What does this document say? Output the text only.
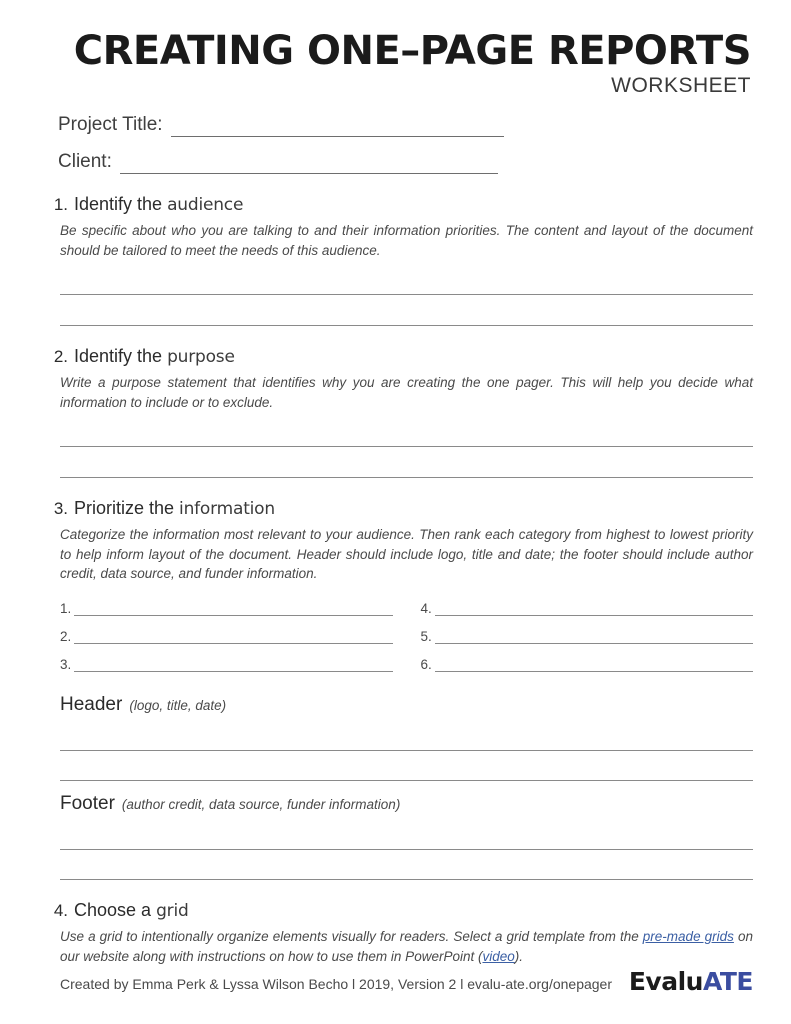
CREATING ONE–PAGE REPORTS
WORKSHEET
Project Title:
Client:
1. Identify the audience

Be specific about who you are talking to and their information priorities. The content and layout of the document should be tailored to meet the needs of this audience.

2. Identify the purpose

Write a purpose statement that identifies why you are creating the one pager. This will help you decide what information to include or to exclude.

3. Prioritize the information

Categorize the information most relevant to your audience. Then rank each category from highest to lowest priority to help inform layout of the document. Header should include logo, title and date; the footer should include author credit, data source, and funder information.

1.
2.
3.
4.
5.
6.
Header (logo, title, date)
Footer (author credit, data source, funder information)
4. Choose a grid

Use a grid to intentionally organize elements visually for readers. Select a grid template from the pre-made grids on our website along with instructions on how to use them in PowerPoint (video).

Created by Emma Perk & Lyssa Wilson Becho l 2019, Version 2 l evalu-ate.org/onepager EvaluATE
